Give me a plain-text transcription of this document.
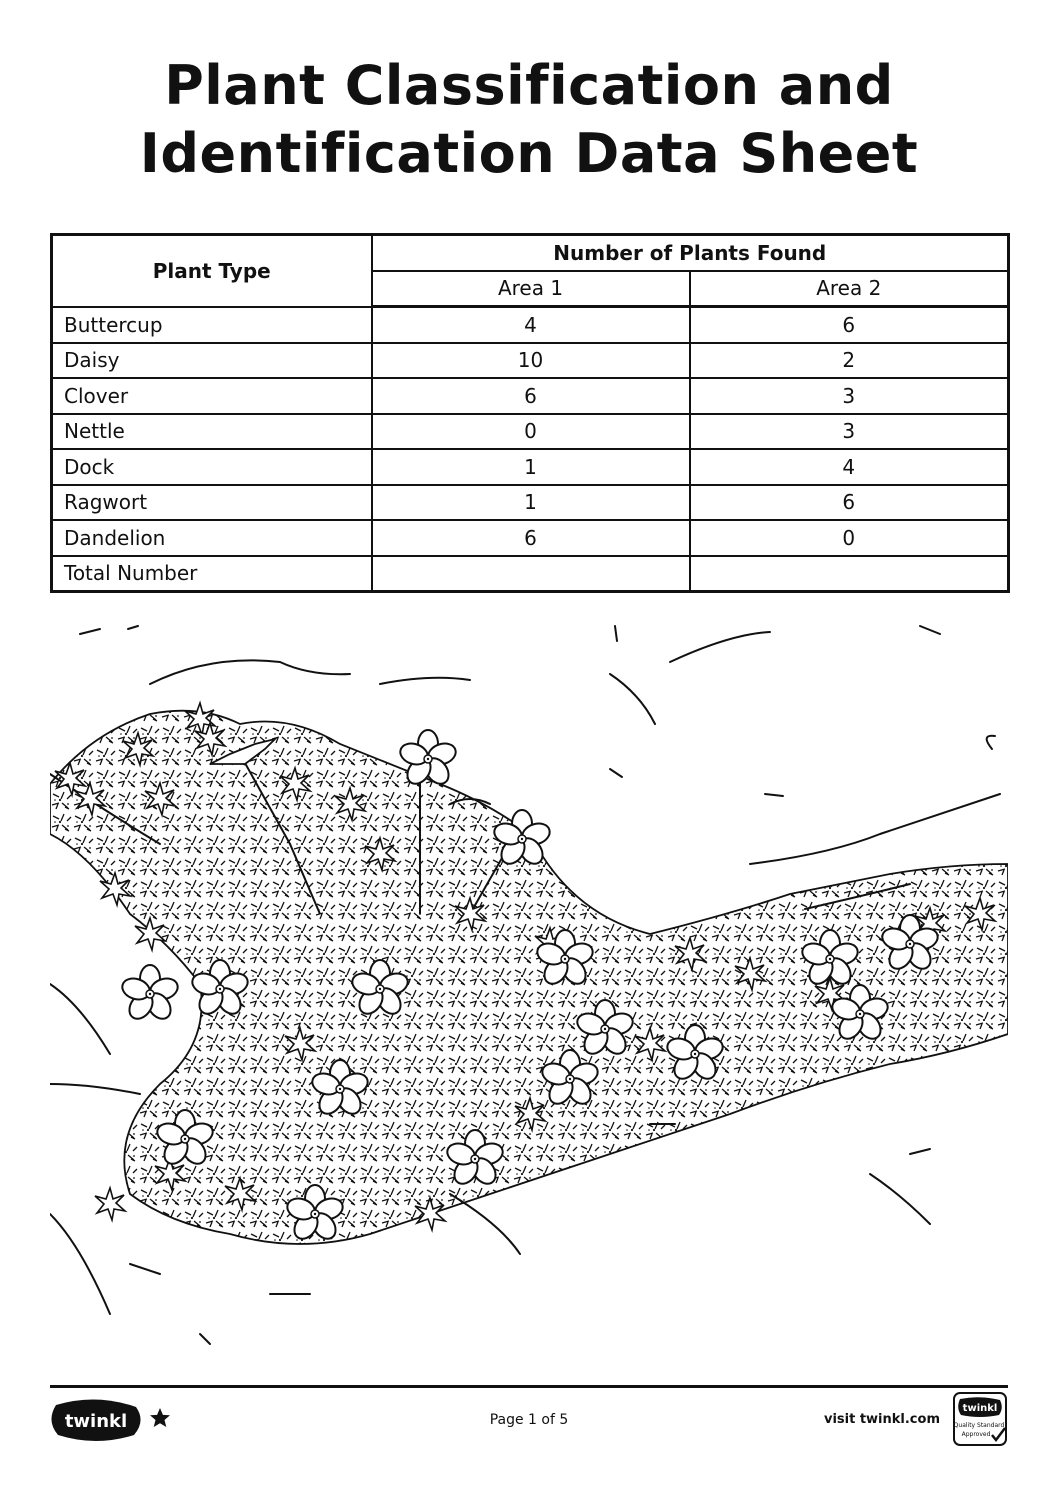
Plant Classification and
Identification Data Sheet
Plant Type	Number of Plants Found	
	Area 1	Area 2
Buttercup	4	6
Daisy	10	2
Clover	6	3
Nettle	0	3
Dock	1	4
Ragwort	1	6
Dandelion	6	0
Total Number		
twinkl	Page 1 of 5	visit twinkl.com
twinkl
Quality Standard
Approved
